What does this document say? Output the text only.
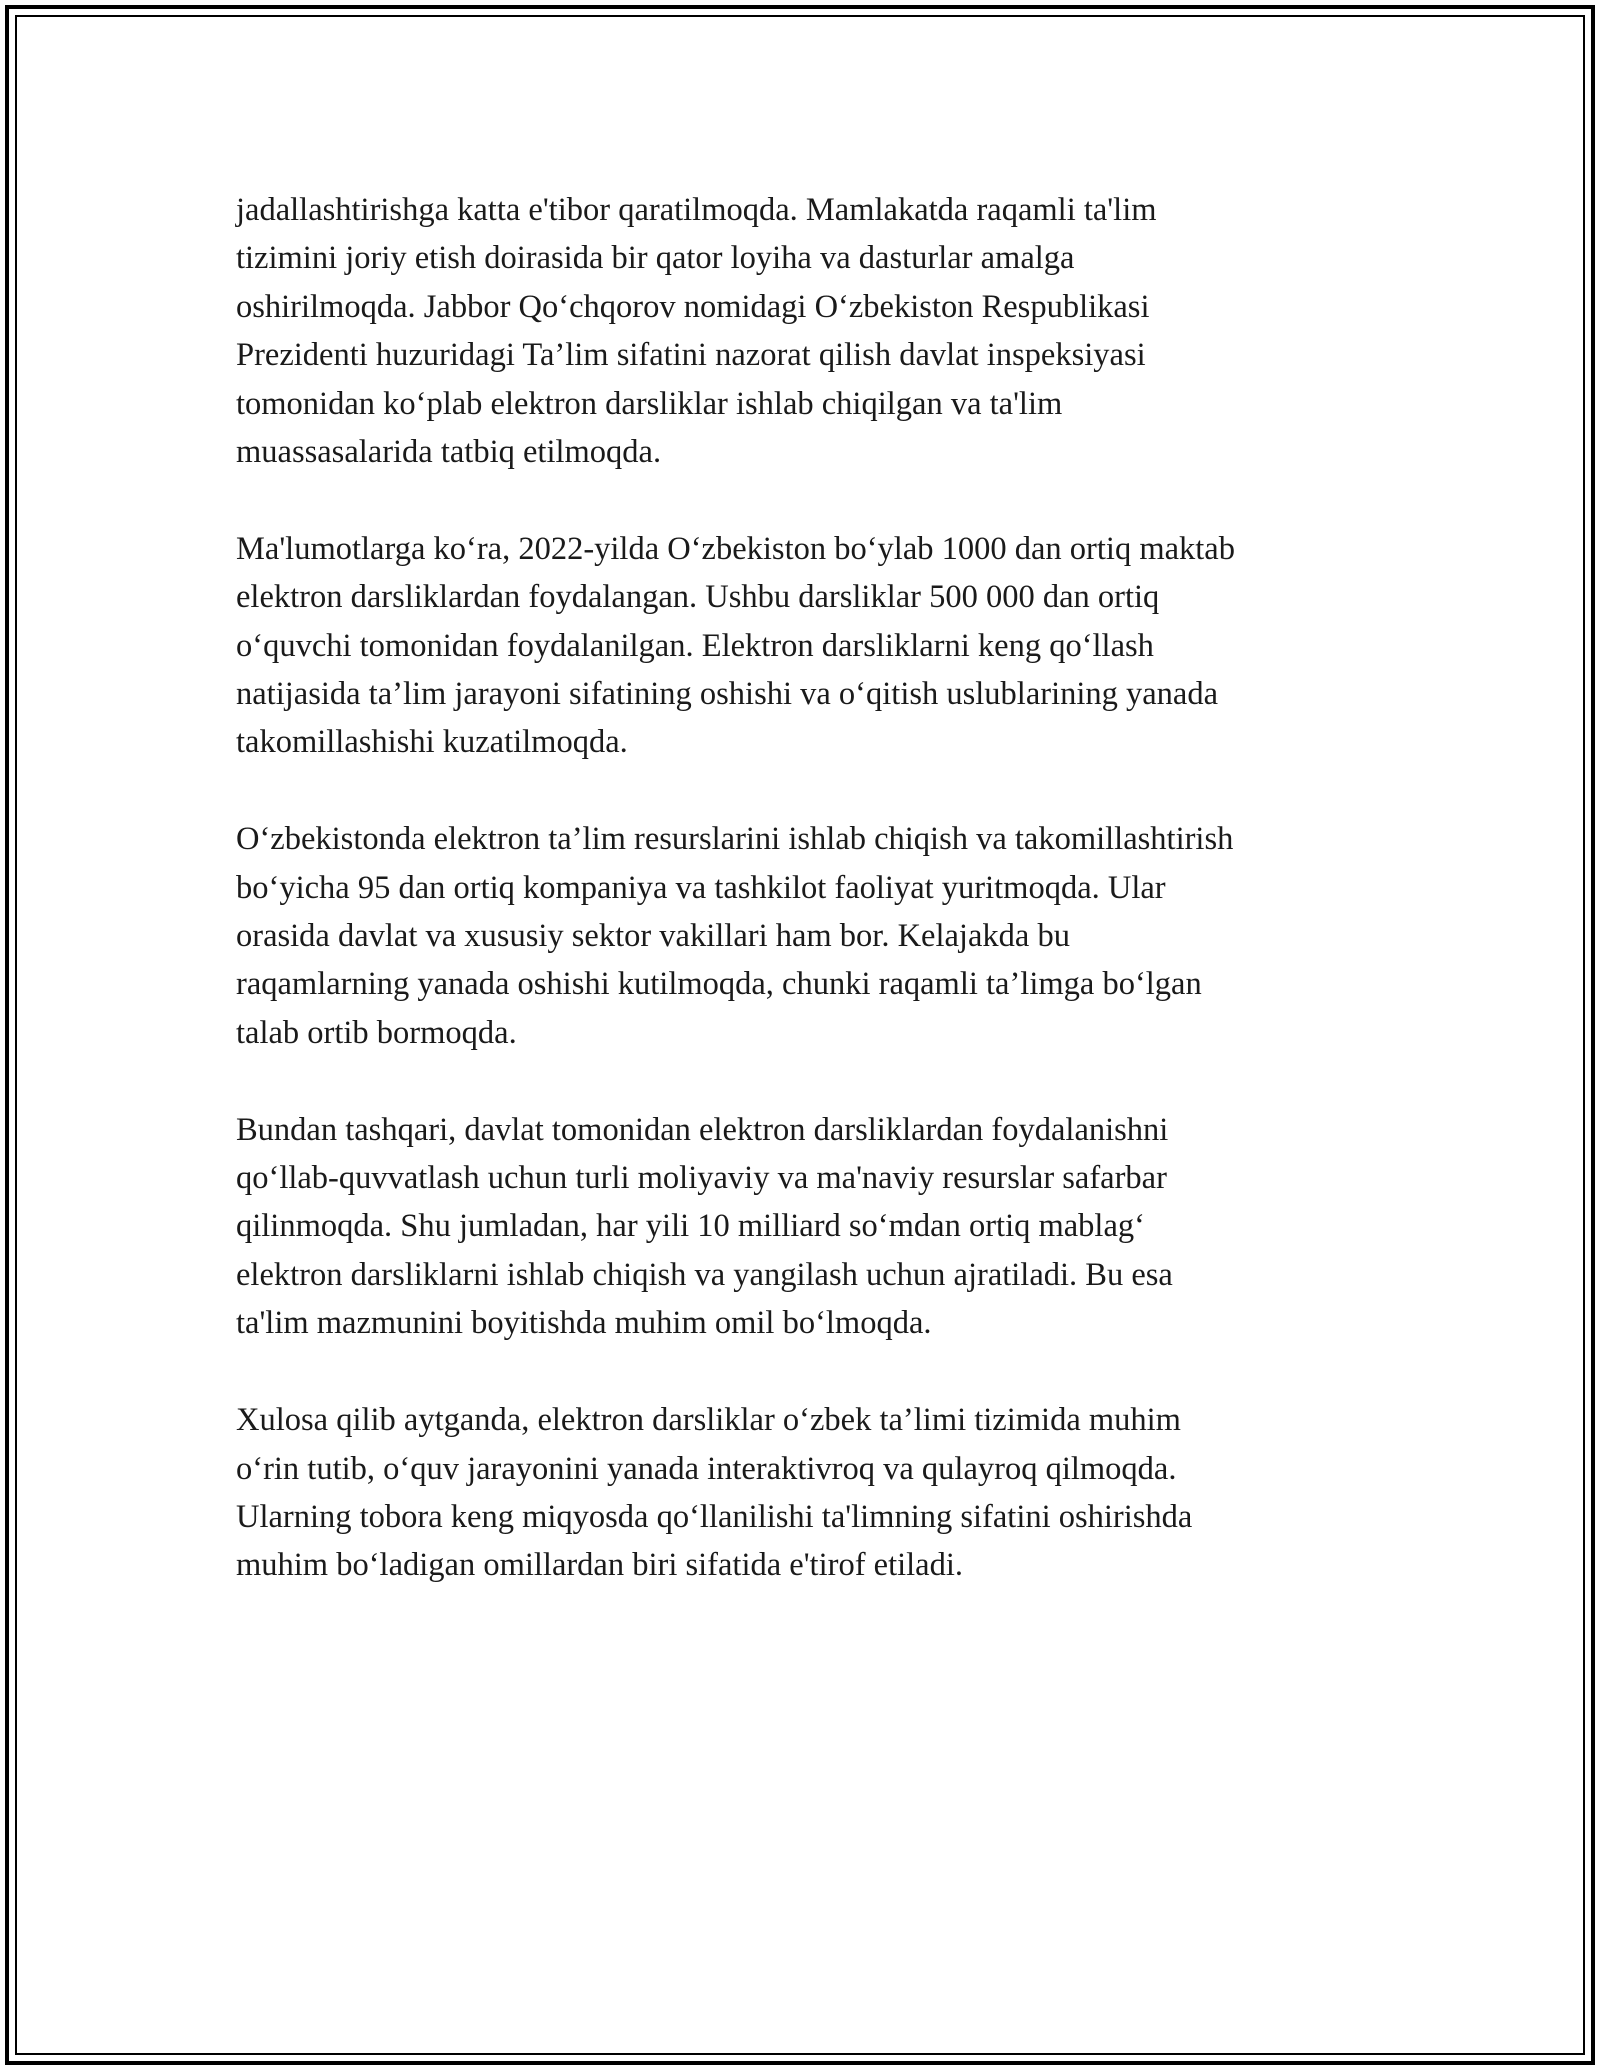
jadallashtirishga katta e'tibor qaratilmoqda. Mamlakatda raqamli ta'lim
tizimini joriy etish doirasida bir qator loyiha va dasturlar amalga
oshirilmoqda. Jabbor Qo‘chqorov nomidagi O‘zbekiston Respublikasi
Prezidenti huzuridagi Ta’lim sifatini nazorat qilish davlat inspeksiyasi
tomonidan ko‘plab elektron darsliklar ishlab chiqilgan va ta'lim
muassasalarida tatbiq etilmoqda.

Ma'lumotlarga ko‘ra, 2022-yilda O‘zbekiston bo‘ylab 1000 dan ortiq maktab
elektron darsliklardan foydalangan. Ushbu darsliklar 500 000 dan ortiq
o‘quvchi tomonidan foydalanilgan. Elektron darsliklarni keng qo‘llash
natijasida ta’lim jarayoni sifatining oshishi va o‘qitish uslublarining yanada
takomillashishi kuzatilmoqda.

O‘zbekistonda elektron ta’lim resurslarini ishlab chiqish va takomillashtirish
bo‘yicha 95 dan ortiq kompaniya va tashkilot faoliyat yuritmoqda. Ular
orasida davlat va xususiy sektor vakillari ham bor. Kelajakda bu
raqamlarning yanada oshishi kutilmoqda, chunki raqamli ta’limga bo‘lgan
talab ortib bormoqda.

Bundan tashqari, davlat tomonidan elektron darsliklardan foydalanishni
qo‘llab-quvvatlash uchun turli moliyaviy va ma'naviy resurslar safarbar
qilinmoqda. Shu jumladan, har yili 10 milliard so‘mdan ortiq mablag‘
elektron darsliklarni ishlab chiqish va yangilash uchun ajratiladi. Bu esa
ta'lim mazmunini boyitishda muhim omil bo‘lmoqda.

Xulosa qilib aytganda, elektron darsliklar o‘zbek ta’limi tizimida muhim
o‘rin tutib, o‘quv jarayonini yanada interaktivroq va qulayroq qilmoqda.
Ularning tobora keng miqyosda qo‘llanilishi ta'limning sifatini oshirishda
muhim bo‘ladigan omillardan biri sifatida e'tirof etiladi.
